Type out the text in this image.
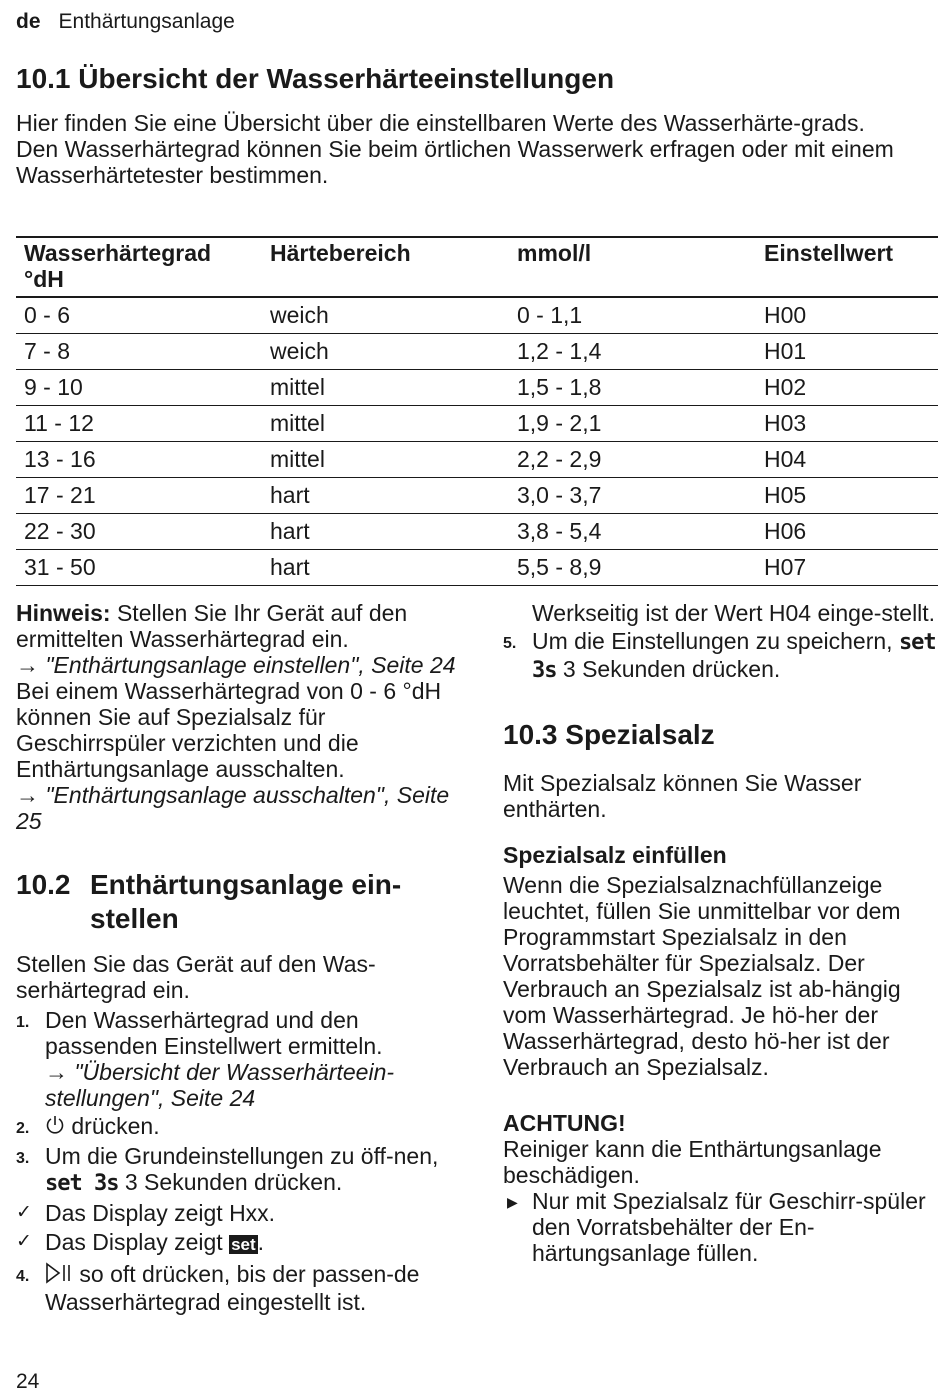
de Enthärtungsanlage
10.1 Übersicht der Wasserhärteeinstellungen

Hier finden Sie eine Übersicht über die einstellbaren Werte des Wasserhärte-grads.

Den Wasserhärtegrad können Sie beim örtlichen Wasserwerk erfragen oder mit einem Wasserhärtetester bestimmen.

Wasserhärtegrad °dH	Härtebereich	mmol/l	Einstellwert
0 - 6	weich	0 - 1,1	H00
7 - 8	weich	1,2 - 1,4	H01
9 - 10	mittel	1,5 - 1,8	H02
11 - 12	mittel	1,9 - 2,1	H03
13 - 16	mittel	2,2 - 2,9	H04
17 - 21	hart	3,0 - 3,7	H05
22 - 30	hart	3,8 - 5,4	H06
31 - 50	hart	5,5 - 8,9	H07
Hinweis: Stellen Sie Ihr Gerät auf den ermittelten Wasserhärtegrad ein.
→ "Enthärtungsanlage einstellen", Seite 24
Bei einem Wasserhärtegrad von 0 - 6 °dH können Sie auf Spezialsalz für Geschirrspüler verzichten und die Enthärtungsanlage ausschalten.
→ "Enthärtungsanlage ausschalten", Seite 25
10.2 Enthärtungsanlage ein-
stellen

Stellen Sie das Gerät auf den Was-serhärtegrad ein.

1. Den Wasserhärtegrad und den passenden Einstellwert ermitteln.
→ "Übersicht der Wasserhärteein-stellungen", Seite 24
2. drücken.
3. Um die Grundeinstellungen zu öff-nen, set 3s 3 Sekunden drücken.
✓ Das Display zeigt Hxx.
✓ Das Display zeigt set.
4. so oft drücken, bis der passen-de Wasserhärtegrad eingestellt ist.
Werkseitig ist der Wert H04 einge-stellt.
5. Um die Einstellungen zu speichern, set 3s 3 Sekunden drücken.
10.3 Spezialsalz

Mit Spezialsalz können Sie Wasser enthärten.

Spezialsalz einfüllen

Wenn die Spezialsalznachfüllanzeige leuchtet, füllen Sie unmittelbar vor dem Programmstart Spezialsalz in den Vorratsbehälter für Spezialsalz. Der Verbrauch an Spezialsalz ist ab-hängig vom Wasserhärtegrad. Je hö-her der Wasserhärtegrad, desto hö-her ist der Verbrauch an Spezialsalz.

ACHTUNG!

Reiniger kann die Enthärtungsanlage beschädigen.

▶ Nur mit Spezialsalz für Geschirr-spüler den Vorratsbehälter der En-härtungsanlage füllen.
24
